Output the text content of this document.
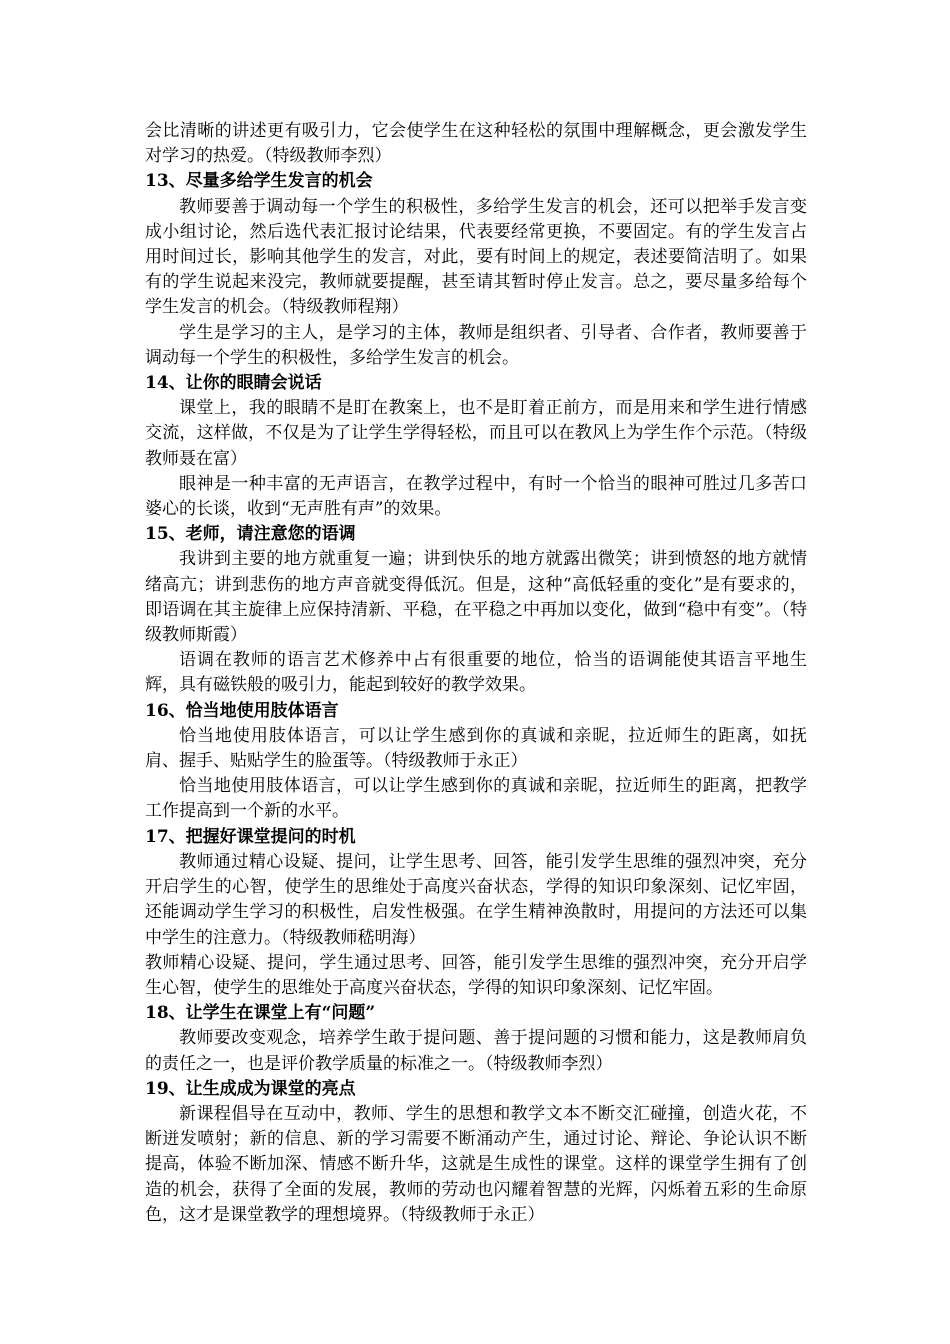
会比清晰的讲述更有吸引力，它会使学生在这种轻松的氛围中理解概念，更会激发学生对学习的热爱。（特级教师李烈）

13、尽量多给学生发言的机会

教师要善于调动每一个学生的积极性，多给学生发言的机会，还可以把举手发言变成小组讨论，然后选代表汇报讨论结果，代表要经常更换，不要固定。有的学生发言占用时间过长，影响其他学生的发言，对此，要有时间上的规定，表述要简洁明了。如果有的学生说起来没完，教师就要提醒，甚至请其暂时停止发言。总之，要尽量多给每个学生发言的机会。（特级教师程翔）

学生是学习的主人，是学习的主体，教师是组织者、引导者、合作者，教师要善于调动每一个学生的积极性，多给学生发言的机会。

14、让你的眼睛会说话

课堂上，我的眼睛不是盯在教案上，也不是盯着正前方，而是用来和学生进行情感交流，这样做，不仅是为了让学生学得轻松，而且可以在教风上为学生作个示范。（特级教师聂在富）

眼神是一种丰富的无声语言，在教学过程中，有时一个恰当的眼神可胜过几多苦口婆心的长谈，收到“无声胜有声”的效果。

15、老师，请注意您的语调

我讲到主要的地方就重复一遍；讲到快乐的地方就露出微笑；讲到愤怒的地方就情绪高亢；讲到悲伤的地方声音就变得低沉。但是，这种“高低轻重的变化”是有要求的，即语调在其主旋律上应保持清新、平稳，在平稳之中再加以变化，做到“稳中有变”。（特级教师斯霞）

语调在教师的语言艺术修养中占有很重要的地位，恰当的语调能使其语言平地生辉，具有磁铁般的吸引力，能起到较好的教学效果。

16、恰当地使用肢体语言

恰当地使用肢体语言，可以让学生感到你的真诚和亲昵，拉近师生的距离，如抚肩、握手、贴贴学生的脸蛋等。（特级教师于永正）

恰当地使用肢体语言，可以让学生感到你的真诚和亲昵，拉近师生的距离，把教学工作提高到一个新的水平。

17、把握好课堂提问的时机

教师通过精心设疑、提问，让学生思考、回答，能引发学生思维的强烈冲突，充分开启学生的心智，使学生的思维处于高度兴奋状态，学得的知识印象深刻、记忆牢固，还能调动学生学习的积极性，启发性极强。在学生精神涣散时，用提问的方法还可以集中学生的注意力。（特级教师嵇明海）

教师精心设疑、提问，学生通过思考、回答，能引发学生思维的强烈冲突，充分开启学生心智，使学生的思维处于高度兴奋状态，学得的知识印象深刻、记忆牢固。

18、让学生在课堂上有“问题”

教师要改变观念，培养学生敢于提问题、善于提问题的习惯和能力，这是教师肩负的责任之一，也是评价教学质量的标准之一。（特级教师李烈）

19、让生成成为课堂的亮点

新课程倡导在互动中，教师、学生的思想和教学文本不断交汇碰撞，创造火花，不断迸发喷射；新的信息、新的学习需要不断涌动产生，通过讨论、辩论、争论认识不断提高，体验不断加深、情感不断升华，这就是生成性的课堂。这样的课堂学生拥有了创造的机会，获得了全面的发展，教师的劳动也闪耀着智慧的光辉，闪烁着五彩的生命原色，这才是课堂教学的理想境界。（特级教师于永正）
